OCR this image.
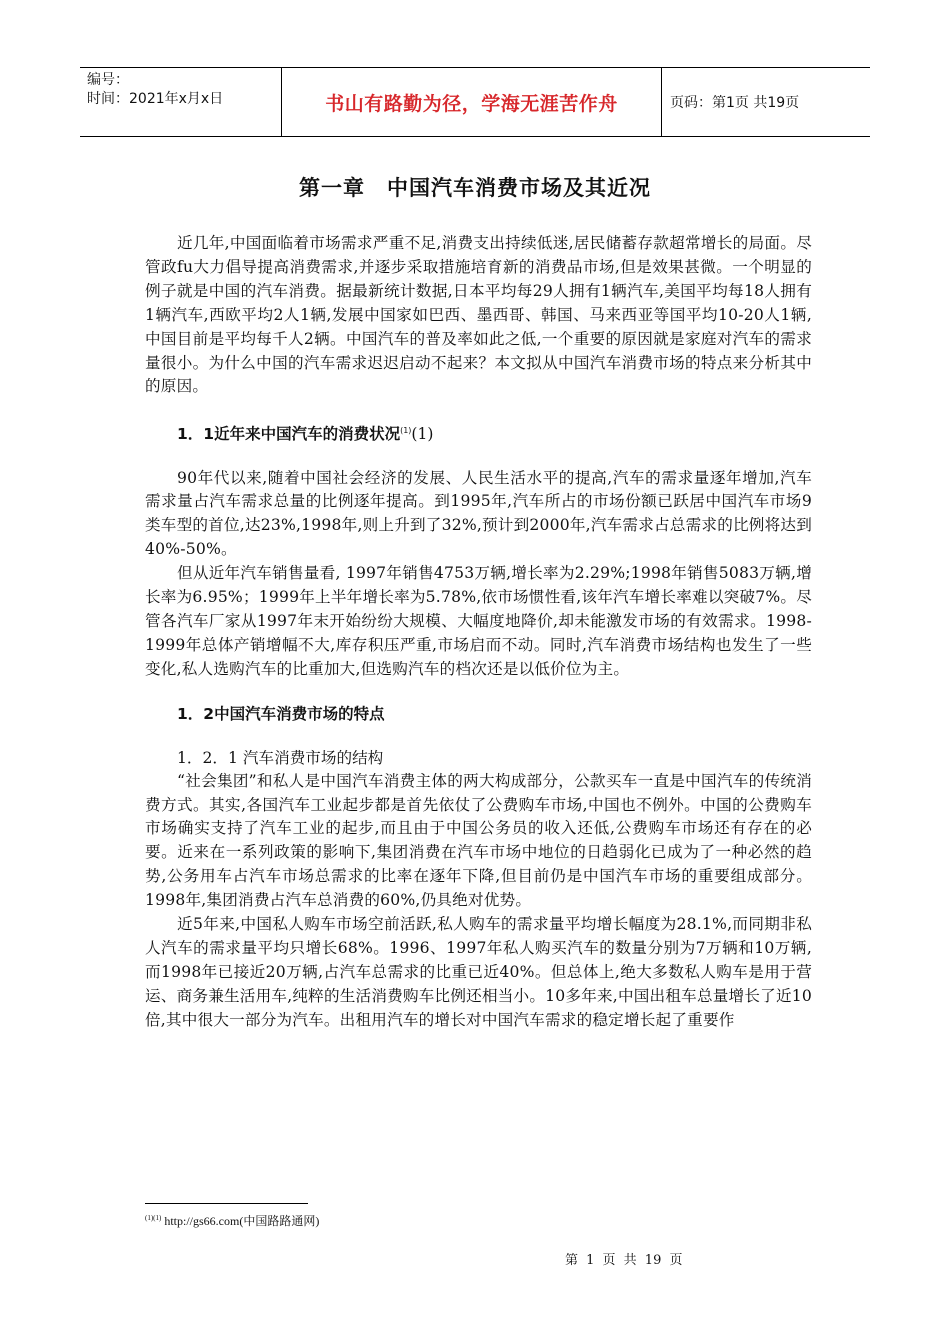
编号：
时间：2021年x月x日	书山有路勤为径，学海无涯苦作舟	页码：第1页 共19页
第一章　中国汽车消费市场及其近况

近几年,中国面临着市场需求严重不足,消费支出持续低迷,居民储蓄存款超常增长的局面。尽管政fu大力倡导提高消费需求,并逐步采取措施培育新的消费品市场,但是效果甚微。一个明显的例子就是中国的汽车消费。据最新统计数据,日本平均每29人拥有1辆汽车,美国平均每18人拥有1辆汽车,西欧平均2人1辆,发展中国家如巴西、墨西哥、韩国、马来西亚等国平均10-20人1辆,中国目前是平均每千人2辆。中国汽车的普及率如此之低,一个重要的原因就是家庭对汽车的需求量很小。为什么中国的汽车需求迟迟启动不起来？本文拟从中国汽车消费市场的特点来分析其中的原因。

1．1近年来中国汽车的消费状况$^{(1)}$(1)

90年代以来,随着中国社会经济的发展、人民生活水平的提高,汽车的需求量逐年增加,汽车需求量占汽车需求总量的比例逐年提高。到1995年,汽车所占的市场份额已跃居中国汽车市场9类车型的首位,达23%,1998年,则上升到了32%,预计到2000年,汽车需求占总需求的比例将达到40%-50%。

但从近年汽车销售量看, 1997年销售4753万辆,增长率为2.29%;1998年销售5083万辆,增长率为6.95%；1999年上半年增长率为5.78%,依市场惯性看,该年汽车增长率难以突破7%。尽管各汽车厂家从1997年末开始纷纷大规模、大幅度地降价,却未能激发市场的有效需求。1998-1999年总体产销增幅不大,库存积压严重,市场启而不动。同时,汽车消费市场结构也发生了一些变化,私人选购汽车的比重加大,但选购汽车的档次还是以低价位为主。

1．2中国汽车消费市场的特点

1．2．1 汽车消费市场的结构

“社会集团”和私人是中国汽车消费主体的两大构成部分，公款买车一直是中国汽车的传统消费方式。其实,各国汽车工业起步都是首先依仗了公费购车市场,中国也不例外。中国的公费购车市场确实支持了汽车工业的起步,而且由于中国公务员的收入还低,公费购车市场还有存在的必要。近来在一系列政策的影响下,集团消费在汽车市场中地位的日趋弱化已成为了一种必然的趋势,公务用车占汽车市场总需求的比率在逐年下降,但目前仍是中国汽车市场的重要组成部分。1998年,集团消费占汽车总消费的60%,仍具绝对优势。

近5年来,中国私人购车市场空前活跃,私人购车的需求量平均增长幅度为28.1%,而同期非私人汽车的需求量平均只增长68%。1996、1997年私人购买汽车的数量分别为7万辆和10万辆,而1998年已接近20万辆,占汽车总需求的比重已近40%。但总体上,绝大多数私人购车是用于营运、商务兼生活用车,纯粹的生活消费购车比例还相当小。10多年来,中国出租车总量增长了近10倍,其中很大一部分为汽车。出租用汽车的增长对中国汽车需求的稳定增长起了重要作

$^{(1)(1)}$ http://gs66.com(中国路路通网)
第 1 页 共 19 页
